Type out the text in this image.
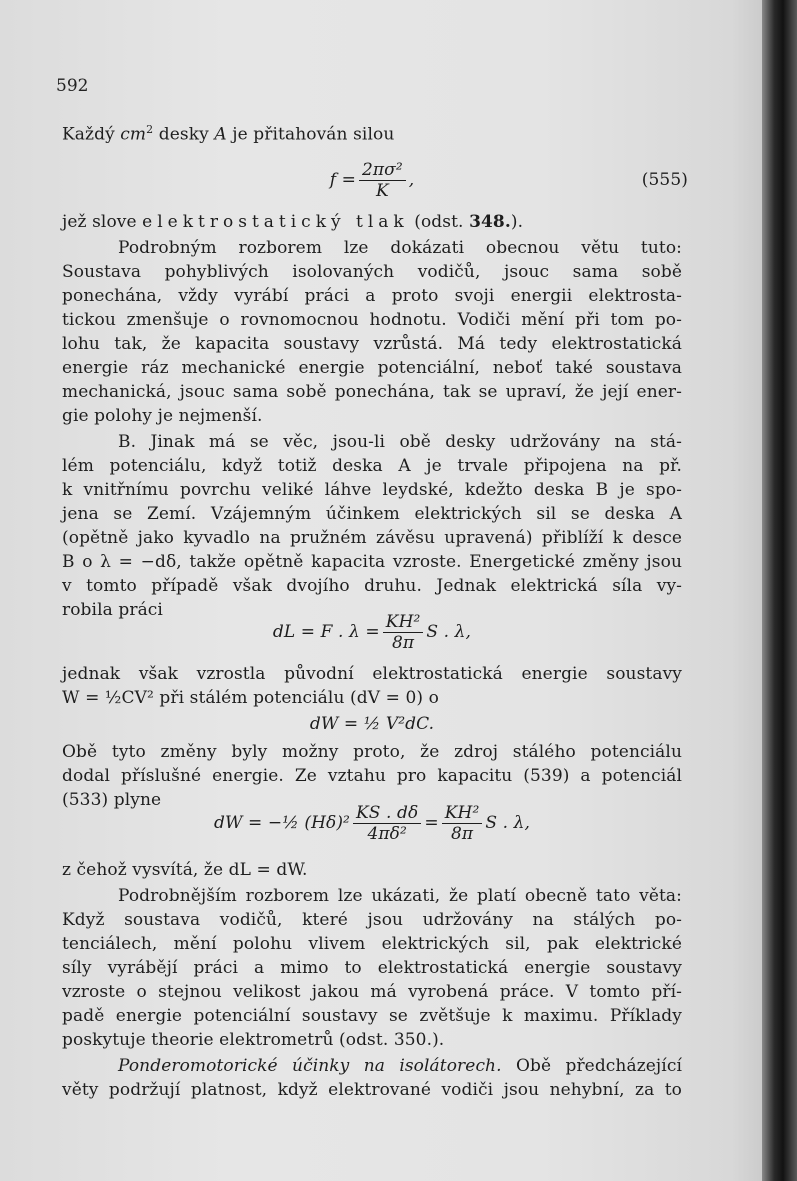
592
Každý $cm^2$ desky A je přitahován silou
$f = \frac{\text{2πσ²}}{K}$ ,	(555)
jež slove elektrostatický tlak (odst. 348.).
Podrobným rozborem lze dokázati obecnou větu tuto:
Soustava pohyblivých isolovaných vodičů, jsouc sama sobě
ponechána, vždy vyrábí práci a proto svoji energii elektrosta-
tickou zmenšuje o rovnomocnou hodnotu. Vodiči mění při tom po-
lohu tak, že kapacita soustavy vzrůstá. Má tedy elektrostatická
energie ráz mechanické energie potenciální, neboť také soustava
mechanická, jsouc sama sobě ponechána, tak se upraví, že její ener-
gie polohy je nejmenší.
B. Jinak má se věc, jsou-li obě desky udržovány na stá-
lém potenciálu, když totiž deska A je trvale připojena na př.
k vnitřnímu povrchu veliké láhve leydské, kdežto deska B je spo-
jena se Zemí. Vzájemným účinkem elektrických sil se deska A
(opětně jako kyvadlo na pružném závěsu upravená) přiblíží k desce
B o λ = −dδ, takže opětně kapacita vzroste. Energetické změny jsou
v tomto případě však dvojího druhu. Jednak elektrická síla vy-
robila práci
dL = F . $\lambda = \frac{\text{KH²}}{8\pi}$ S . λ,
jednak však vzrostla původní elektrostatická energie soustavy
W = ½CV² při stálém potenciálu (dV = 0) o
dW = ½ V²dC.
Obě tyto změny byly možny proto, že zdroj stálého potenciálu
dodal příslušné energie. Ze vztahu pro kapacitu (539) a potenciál
(533) plyne
dW = −½ $(H\delta)^2 \frac{KS . d\delta}{\text{4πδ²}} = \frac{\text{KH²}}{8\pi}$ S . λ,
z čehož vysvítá, že dL = dW.
Podrobnějším rozborem lze ukázati, že platí obecně tato věta:
Když soustava vodičů, které jsou udržovány na stálých po-
tenciálech, mění polohu vlivem elektrických sil, pak elektrické
síly vyrábějí práci a mimo to elektrostatická energie soustavy
vzroste o stejnou velikost jakou má vyrobená práce. V tomto pří-
padě energie potenciální soustavy se zvětšuje k maximu. Příklady
poskytuje theorie elektrometrů (odst. 350.).
Ponderomotorické účinky na isolátorech. Obě předcházející
věty podržují platnost, když elektrované vodiči jsou nehybní, za to
